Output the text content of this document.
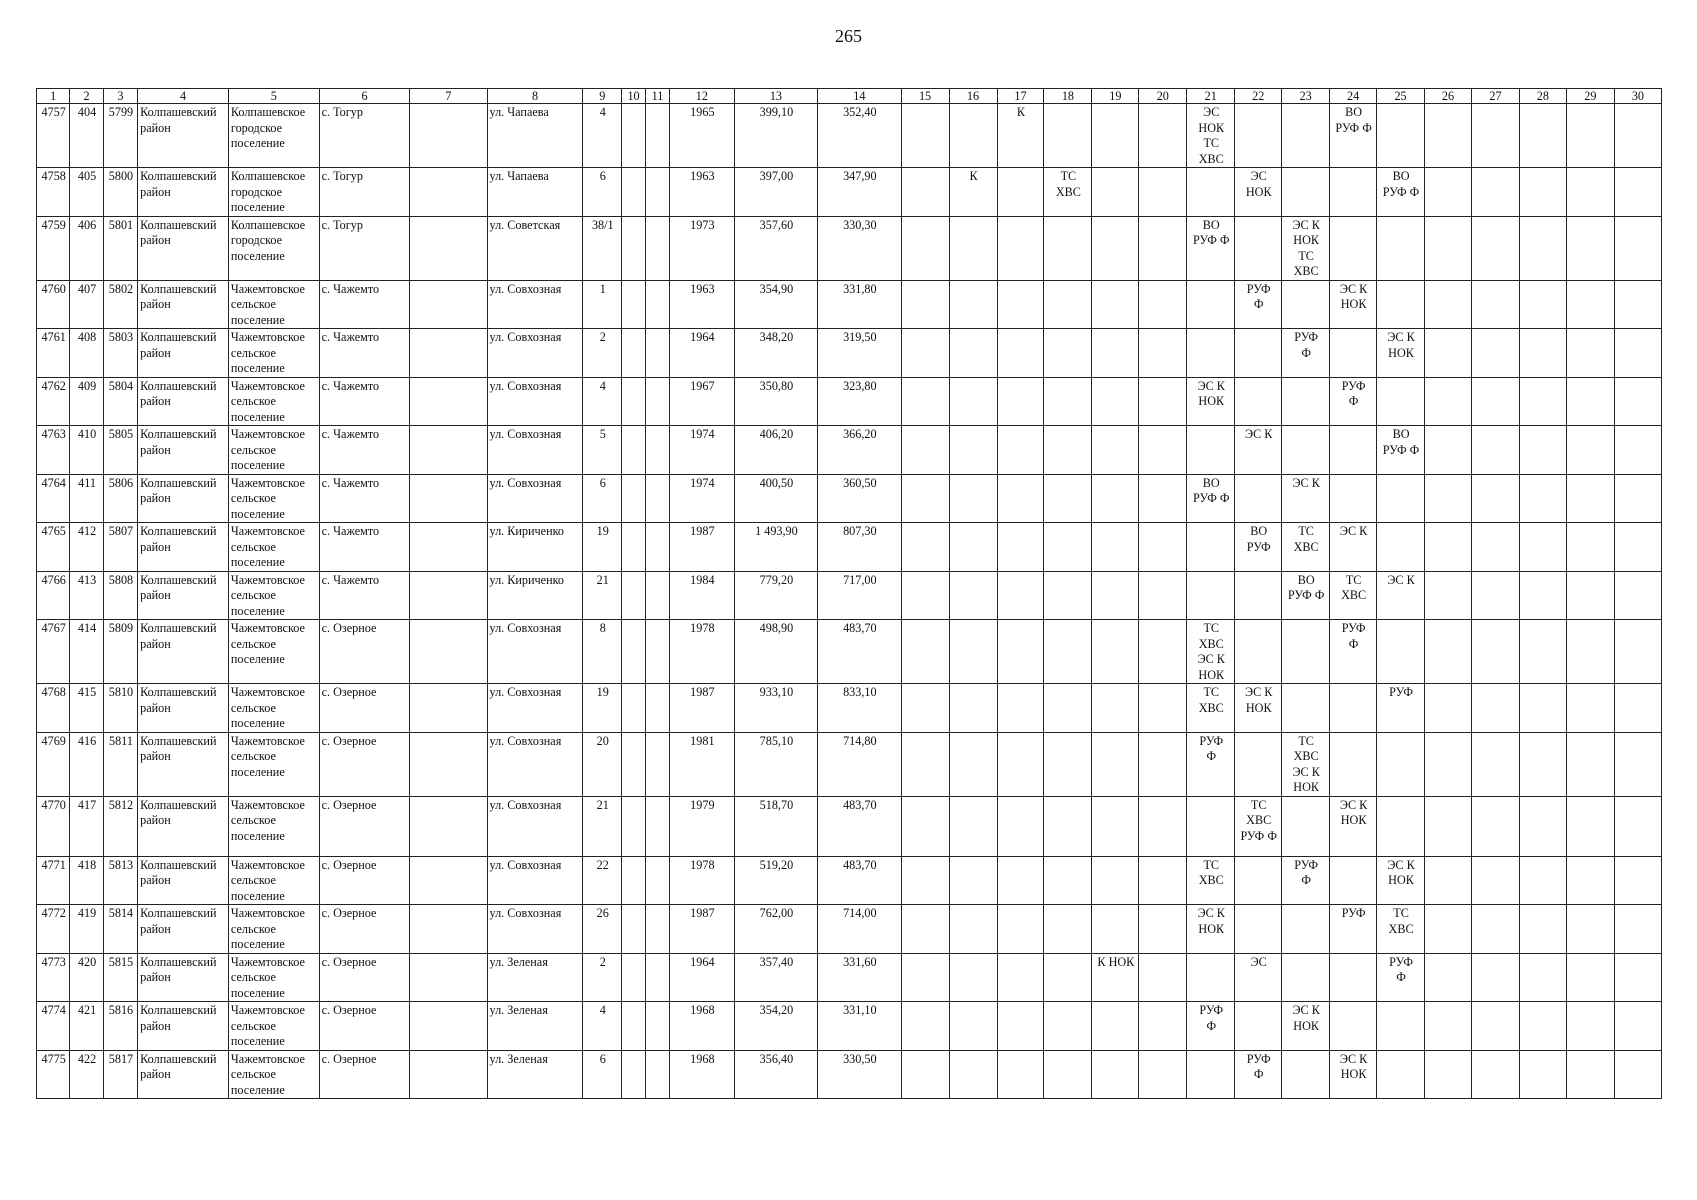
265
1	2	3	4	5	6	7	8	9	10	11	12	13	14	15	16	17	18	19	20	21	22	23	24	25	26	27	28	29	30
4757	404	5799	Колпашевский
район	Колпашевское
городское
поселение	с. Тогур		ул. Чапаева	4			1965	399,10	352,40			К				ЭС
НОК
ТС
ХВС			ВО
РУФ Ф						
4758	405	5800	Колпашевский
район	Колпашевское
городское
поселение	с. Тогур		ул. Чапаева	6			1963	397,00	347,90		К		ТС
ХВС				ЭС
НОК			ВО
РУФ Ф					
4759	406	5801	Колпашевский
район	Колпашевское
городское
поселение	с. Тогур		ул. Советская	38/1			1973	357,60	330,30							ВО
РУФ Ф		ЭС К
НОК
ТС
ХВС							
4760	407	5802	Колпашевский
район	Чажемтовское
сельское
поселение	с. Чажемто		ул. Совхозная	1			1963	354,90	331,80								РУФ
Ф		ЭС К
НОК						
4761	408	5803	Колпашевский
район	Чажемтовское
сельское
поселение	с. Чажемто		ул. Совхозная	2			1964	348,20	319,50									РУФ
Ф		ЭС К
НОК					
4762	409	5804	Колпашевский
район	Чажемтовское
сельское
поселение	с. Чажемто		ул. Совхозная	4			1967	350,80	323,80							ЭС К
НОК			РУФ
Ф						
4763	410	5805	Колпашевский
район	Чажемтовское
сельское
поселение	с. Чажемто		ул. Совхозная	5			1974	406,20	366,20								ЭС К			ВО
РУФ Ф					
4764	411	5806	Колпашевский
район	Чажемтовское
сельское
поселение	с. Чажемто		ул. Совхозная	6			1974	400,50	360,50							ВО
РУФ Ф		ЭС К							
4765	412	5807	Колпашевский
район	Чажемтовское
сельское
поселение	с. Чажемто		ул. Кириченко	19			1987	1 493,90	807,30								ВО
РУФ	ТС
ХВС	ЭС К						
4766	413	5808	Колпашевский
район	Чажемтовское
сельское
поселение	с. Чажемто		ул. Кириченко	21			1984	779,20	717,00									ВО
РУФ Ф	ТС
ХВС	ЭС К					
4767	414	5809	Колпашевский
район	Чажемтовское
сельское
поселение	с. Озерное		ул. Совхозная	8			1978	498,90	483,70							ТС
ХВС
ЭС К
НОК			РУФ
Ф						
4768	415	5810	Колпашевский
район	Чажемтовское
сельское
поселение	с. Озерное		ул. Совхозная	19			1987	933,10	833,10							ТС
ХВС	ЭС К
НОК			РУФ					
4769	416	5811	Колпашевский
район	Чажемтовское
сельское
поселение	с. Озерное		ул. Совхозная	20			1981	785,10	714,80							РУФ
Ф		ТС
ХВС
ЭС К
НОК							
4770	417	5812	Колпашевский
район	Чажемтовское
сельское
поселение	с. Озерное		ул. Совхозная	21			1979	518,70	483,70								ТС
ХВС
РУФ Ф		ЭС К
НОК						
4771	418	5813	Колпашевский
район	Чажемтовское
сельское
поселение	с. Озерное		ул. Совхозная	22			1978	519,20	483,70							ТС
ХВС		РУФ
Ф		ЭС К
НОК					
4772	419	5814	Колпашевский
район	Чажемтовское
сельское
поселение	с. Озерное		ул. Совхозная	26			1987	762,00	714,00							ЭС К
НОК			РУФ	ТС
ХВС					
4773	420	5815	Колпашевский
район	Чажемтовское
сельское
поселение	с. Озерное		ул. Зеленая	2			1964	357,40	331,60					К НОК			ЭС			РУФ
Ф					
4774	421	5816	Колпашевский
район	Чажемтовское
сельское
поселение	с. Озерное		ул. Зеленая	4			1968	354,20	331,10							РУФ
Ф		ЭС К
НОК							
4775	422	5817	Колпашевский
район	Чажемтовское
сельское
поселение	с. Озерное		ул. Зеленая	6			1968	356,40	330,50								РУФ
Ф		ЭС К
НОК						
